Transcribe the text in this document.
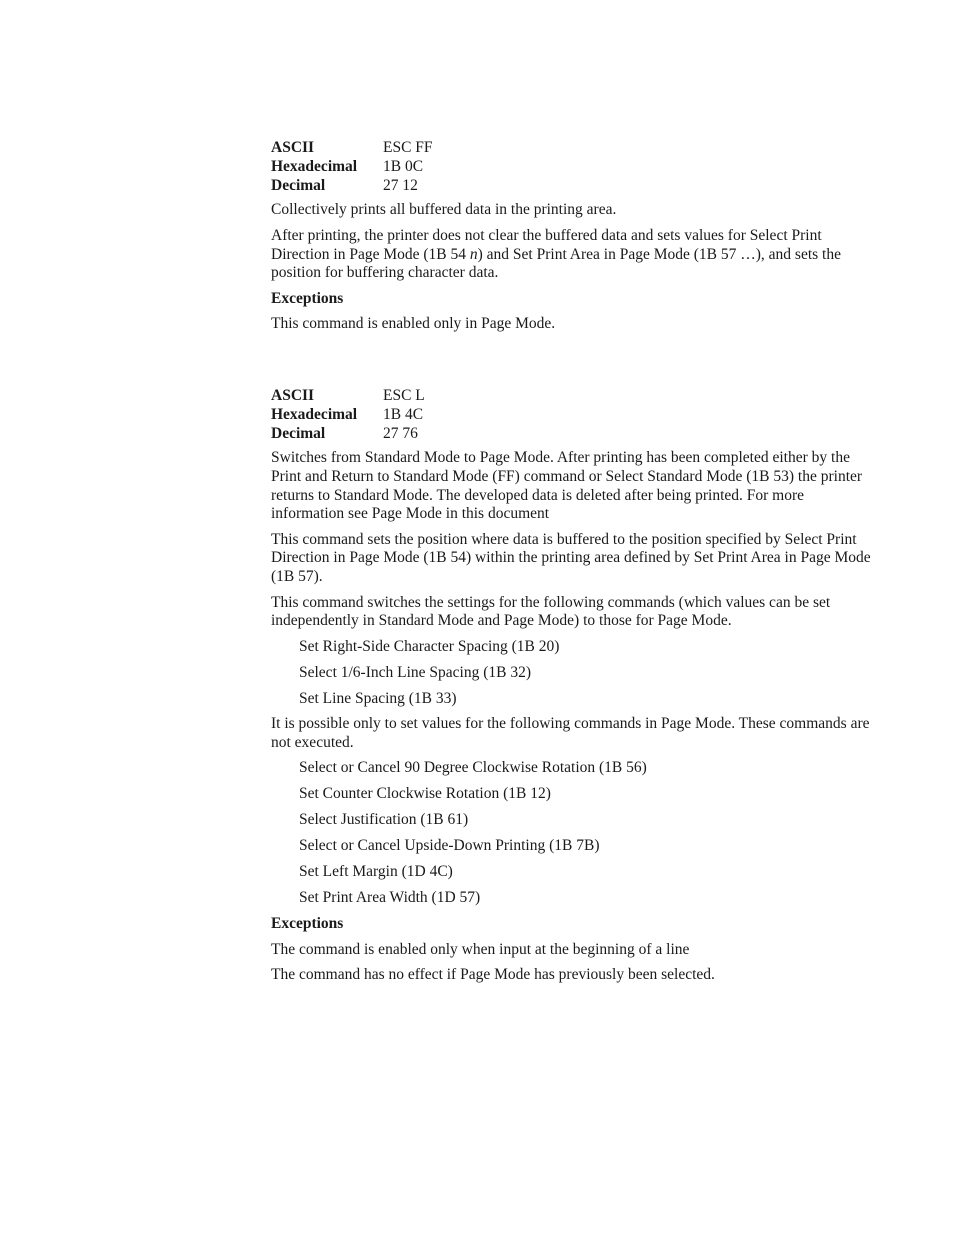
ASCII	ESC FF
Hexadecimal	1B 0C
Decimal	27 12

Collectively prints all buffered data in the printing area.

After printing, the printer does not clear the buffered data and sets values for Select Print Direction in Page Mode (1B 54 n) and Set Print Area in Page Mode (1B 57 …), and sets the position for buffering character data.

Exceptions

This command is enabled only in Page Mode.

ASCII	ESC L
Hexadecimal	1B 4C
Decimal	27 76

Switches from Standard Mode to Page Mode. After printing has been completed either by the Print and Return to Standard Mode (FF) command or Select Standard Mode (1B 53) the printer returns to Standard Mode. The developed data is deleted after being printed. For more information see Page Mode in this document

This command sets the position where data is buffered to the position specified by Select Print Direction in Page Mode (1B 54) within the printing area defined by Set Print Area in Page Mode (1B 57).

This command switches the settings for the following commands (which values can be set independently in Standard Mode and Page Mode) to those for Page Mode.

Set Right-Side Character Spacing (1B 20)
Select 1/6-Inch Line Spacing (1B 32)
Set Line Spacing (1B 33)

It is possible only to set values for the following commands in Page Mode. These commands are not executed.

Select or Cancel 90 Degree Clockwise Rotation (1B 56)
Set Counter Clockwise Rotation (1B 12)
Select Justification (1B 61)
Select or Cancel Upside-Down Printing (1B 7B)
Set Left Margin (1D 4C)
Set Print Area Width (1D 57)

Exceptions

The command is enabled only when input at the beginning of a line

The command has no effect if Page Mode has previously been selected.
